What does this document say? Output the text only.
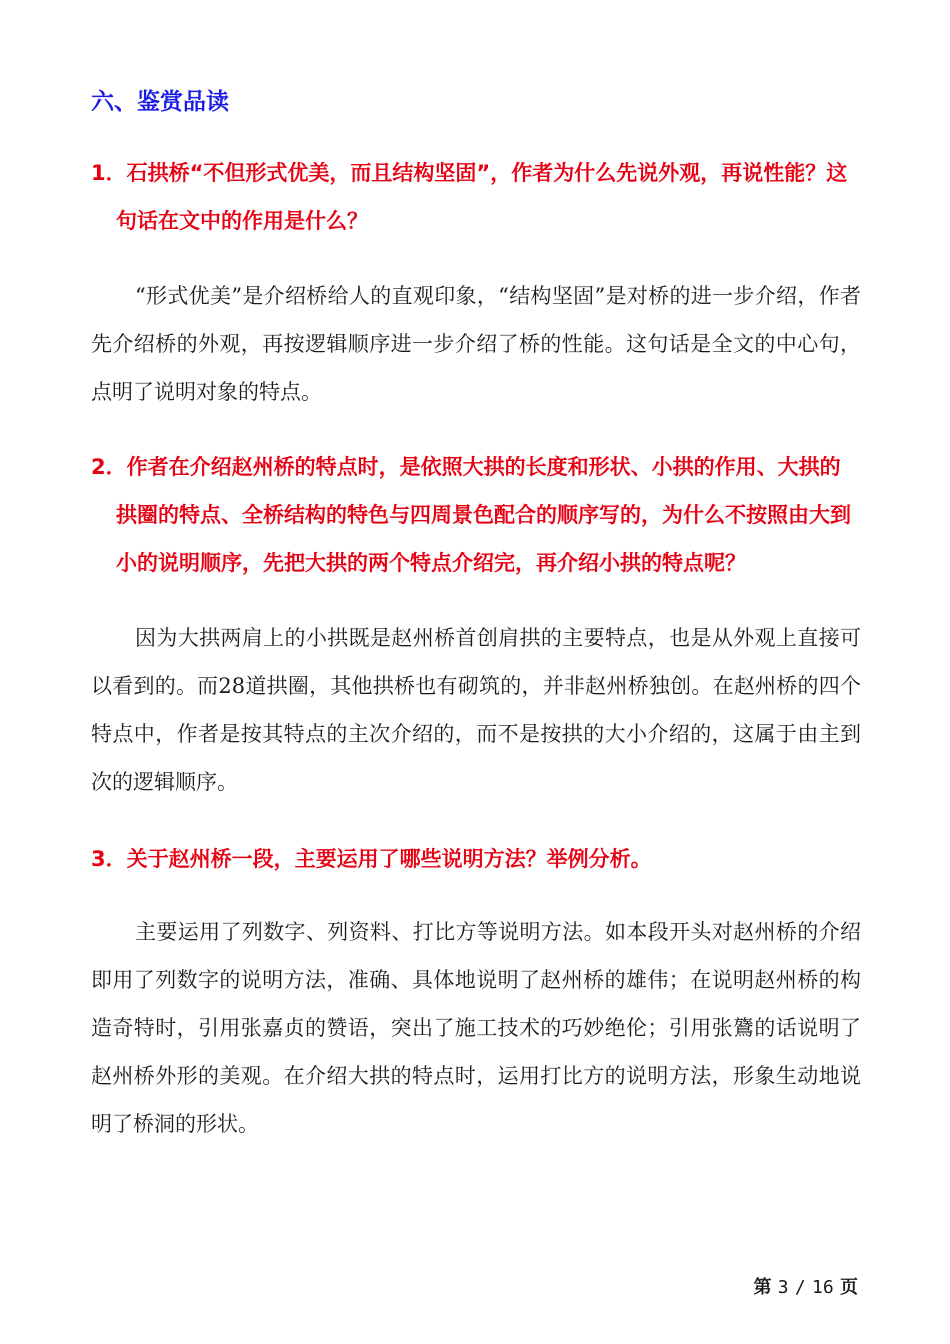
六、鉴赏品读
1．石拱桥“不但形式优美，而且结构坚固”，作者为什么先说外观，再说性能？这句话在文中的作用是什么？
“形式优美”是介绍桥给人的直观印象，“结构坚固”是对桥的进一步介绍，作者先介绍桥的外观，再按逻辑顺序进一步介绍了桥的性能。这句话是全文的中心句，点明了说明对象的特点。
2．作者在介绍赵州桥的特点时，是依照大拱的长度和形状、小拱的作用、大拱的拱圈的特点、全桥结构的特色与四周景色配合的顺序写的，为什么不按照由大到小的说明顺序，先把大拱的两个特点介绍完，再介绍小拱的特点呢？
因为大拱两肩上的小拱既是赵州桥首创肩拱的主要特点，也是从外观上直接可以看到的。而28道拱圈，其他拱桥也有砌筑的，并非赵州桥独创。在赵州桥的四个特点中，作者是按其特点的主次介绍的，而不是按拱的大小介绍的，这属于由主到次的逻辑顺序。
3．关于赵州桥一段，主要运用了哪些说明方法？举例分析。
主要运用了列数字、列资料、打比方等说明方法。如本段开头对赵州桥的介绍即用了列数字的说明方法，准确、具体地说明了赵州桥的雄伟；在说明赵州桥的构造奇特时，引用张嘉贞的赞语，突出了施工技术的巧妙绝伦；引用张鷟的话说明了赵州桥外形的美观。在介绍大拱的特点时，运用打比方的说明方法，形象生动地说明了桥洞的形状。
第 3 / 16 页
